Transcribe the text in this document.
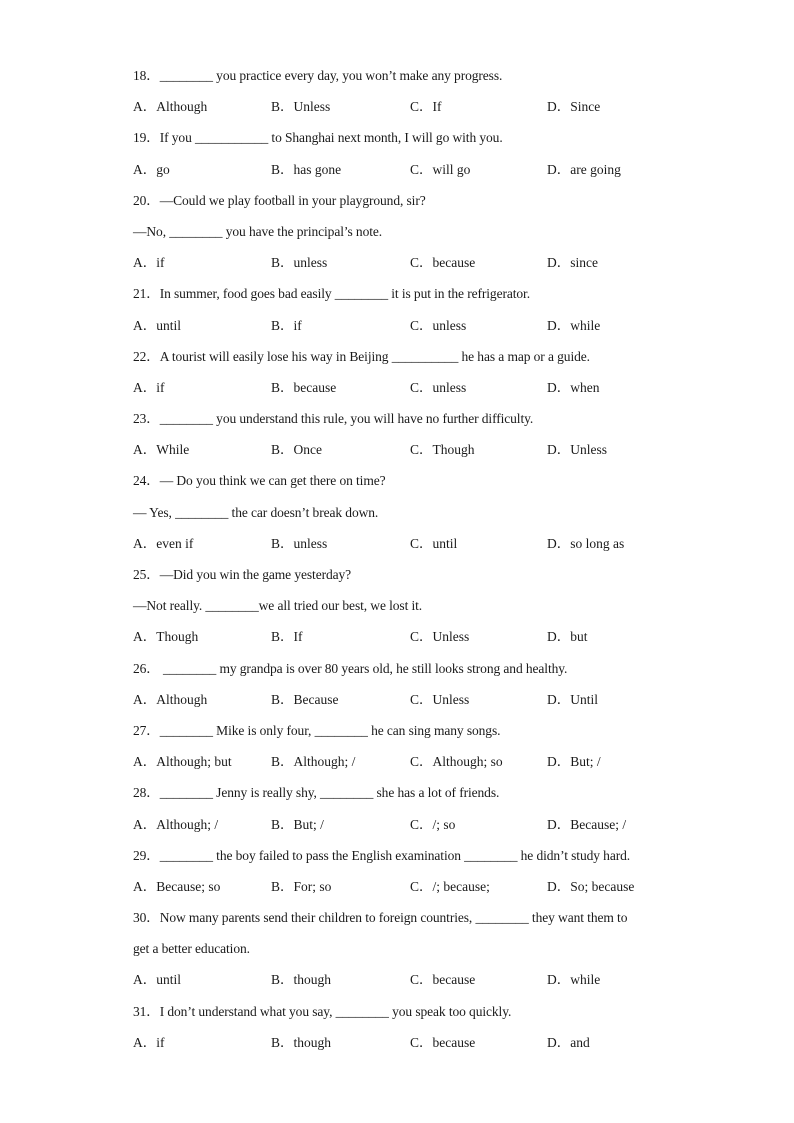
18．________ you practice every day, you won’t make any progress.
A．Although	B．Unless	C．If	D．Since
19．If you ___________ to Shanghai next month, I will go with you.
A．go	B．has gone	C．will go	D．are going
20．—Could we play football in your playground, sir?
—No, ________ you have the principal’s note.
A．if	B．unless	C．because	D．since
21．In summer, food goes bad easily ________ it is put in the refrigerator.
A．until	B．if	C．unless	D．while
22．A tourist will easily lose his way in Beijing __________ he has a map or a guide.
A．if	B．because	C．unless	D．when
23．________ you understand this rule, you will have no further difficulty.
A．While	B．Once	C．Though	D．Unless
24．— Do you think we can get there on time?
— Yes, ________ the car doesn’t break down.
A．even if	B．unless	C．until	D．so long as
25．—Did you win the game yesterday?
—Not really. ________we all tried our best, we lost it.
A．Though	B．If	C．Unless	D．but
26． ________ my grandpa is over 80 years old, he still looks strong and healthy.
A．Although	B．Because	C．Unless	D．Until
27．________ Mike is only four, ________ he can sing many songs.
A．Although; but	B．Although; /	C．Although; so	D．But; /
28．________ Jenny is really shy, ________ she has a lot of friends.
A．Although; /	B．But; /	C．/; so	D．Because; /
29．________ the boy failed to pass the English examination ________ he didn’t study hard.
A．Because; so	B．For; so	C．/; because;	D．So; because
30．Now many parents send their children to foreign countries, ________ they want them to
get a better education.
A．until	B．though	C．because	D．while
31．I don’t understand what you say, ________ you speak too quickly.
A．if	B．though	C．because	D．and
